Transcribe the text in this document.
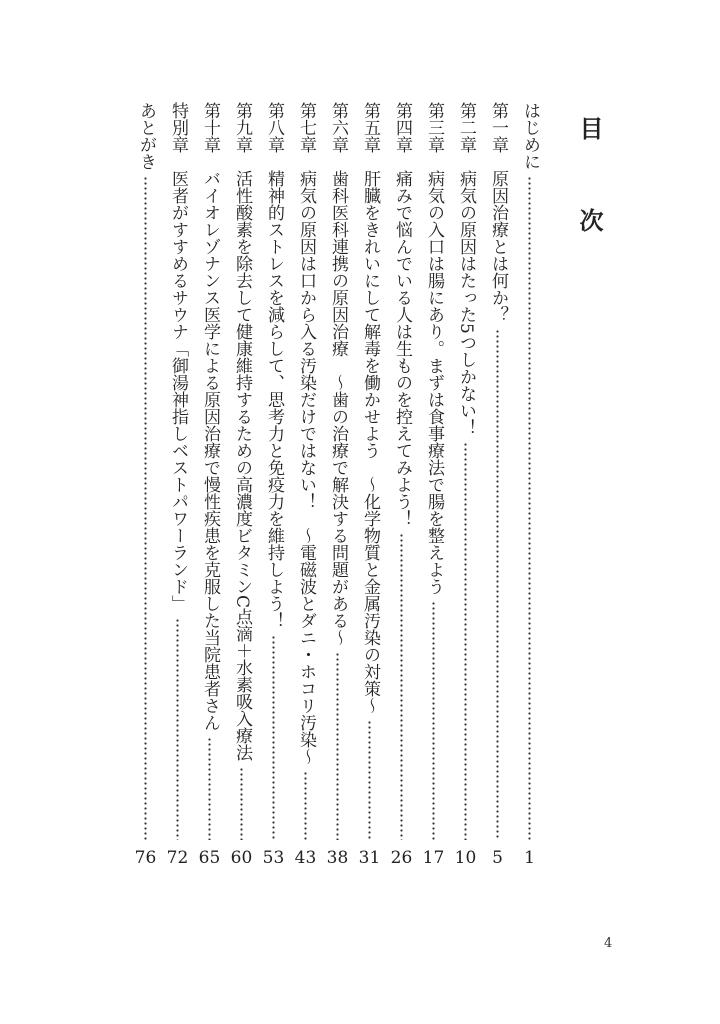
目　次
はじめに
第一章
原因治療とは何か？
第二章
病気の原因はたった5つしかない！
第三章
病気の入口は腸にあり。まずは食事療法で腸を整えよう
第四章
痛みで悩んでいる人は生ものを控えてみよう！
第五章
肝臓をきれいにして解毒を働かせよう　～化学物質と金属汚染の対策～
第六章
歯科医科連携の原因治療　～歯の治療で解決する問題がある～
第七章
病気の原因は口から入る汚染だけではない！　～電磁波とダニ・ホコリ汚染～
第八章
精神的ストレスを減らして、思考力と免疫力を維持しよう！
第九章
活性酸素を除去して健康維持するための高濃度ビタミンC点滴＋水素吸入療法
第十章
バイオレゾナンス医学による原因治療で慢性疾患を克服した当院患者さん
特別章
医者がすすめるサウナ「御湯神指しベストパワーランド」
あとがき
1
5
10
17
26
31
38
43
53
60
65
72
76
4
